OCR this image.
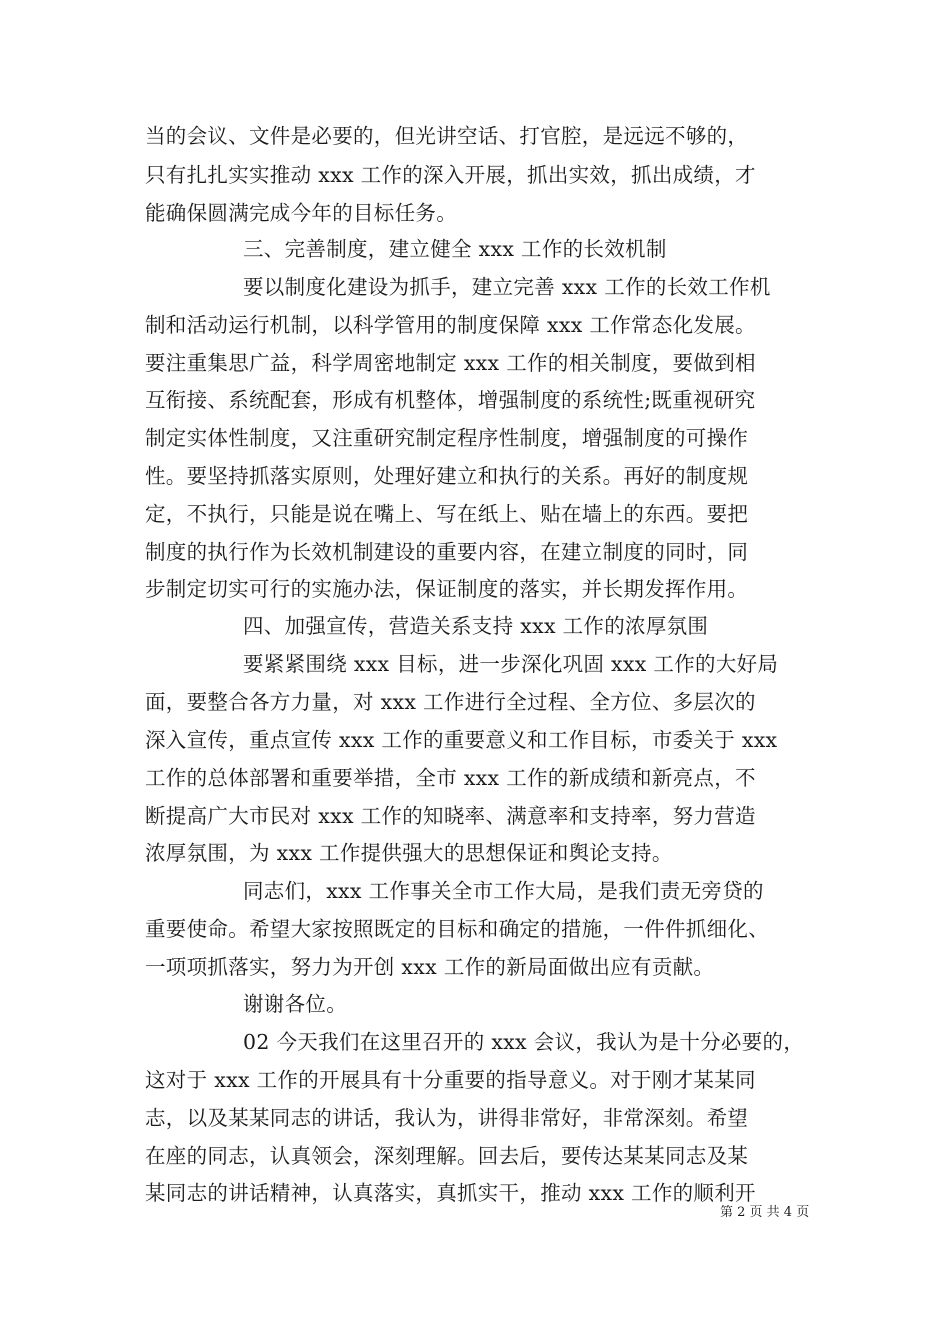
当的会议、文件是必要的，但光讲空话、打官腔，是远远不够的，
只有扎扎实实推动 xxx 工作的深入开展，抓出实效，抓出成绩，才
能确保圆满完成今年的目标任务。
三、完善制度，建立健全 xxx 工作的长效机制
要以制度化建设为抓手，建立完善 xxx 工作的长效工作机
制和活动运行机制，以科学管用的制度保障 xxx 工作常态化发展。
要注重集思广益，科学周密地制定 xxx 工作的相关制度，要做到相
互衔接、系统配套，形成有机整体，增强制度的系统性;既重视研究
制定实体性制度，又注重研究制定程序性制度，增强制度的可操作
性。要坚持抓落实原则，处理好建立和执行的关系。再好的制度规
定，不执行，只能是说在嘴上、写在纸上、贴在墙上的东西。要把
制度的执行作为长效机制建设的重要内容，在建立制度的同时，同
步制定切实可行的实施办法，保证制度的落实，并长期发挥作用。
四、加强宣传，营造关系支持 xxx 工作的浓厚氛围
要紧紧围绕 xxx 目标，进一步深化巩固 xxx 工作的大好局
面，要整合各方力量，对 xxx 工作进行全过程、全方位、多层次的
深入宣传，重点宣传 xxx 工作的重要意义和工作目标，市委关于 xxx
工作的总体部署和重要举措，全市 xxx 工作的新成绩和新亮点，不
断提高广大市民对 xxx 工作的知晓率、满意率和支持率，努力营造
浓厚氛围，为 xxx 工作提供强大的思想保证和舆论支持。
同志们，xxx 工作事关全市工作大局，是我们责无旁贷的
重要使命。希望大家按照既定的目标和确定的措施，一件件抓细化、
一项项抓落实，努力为开创 xxx 工作的新局面做出应有贡献。
谢谢各位。
02 今天我们在这里召开的 xxx 会议，我认为是十分必要的，
这对于 xxx 工作的开展具有十分重要的指导意义。对于刚才某某同
志，以及某某同志的讲话，我认为，讲得非常好，非常深刻。希望
在座的同志，认真领会，深刻理解。回去后，要传达某某同志及某
某同志的讲话精神，认真落实，真抓实干，推动 xxx 工作的顺利开
第 2 页 共 4 页
